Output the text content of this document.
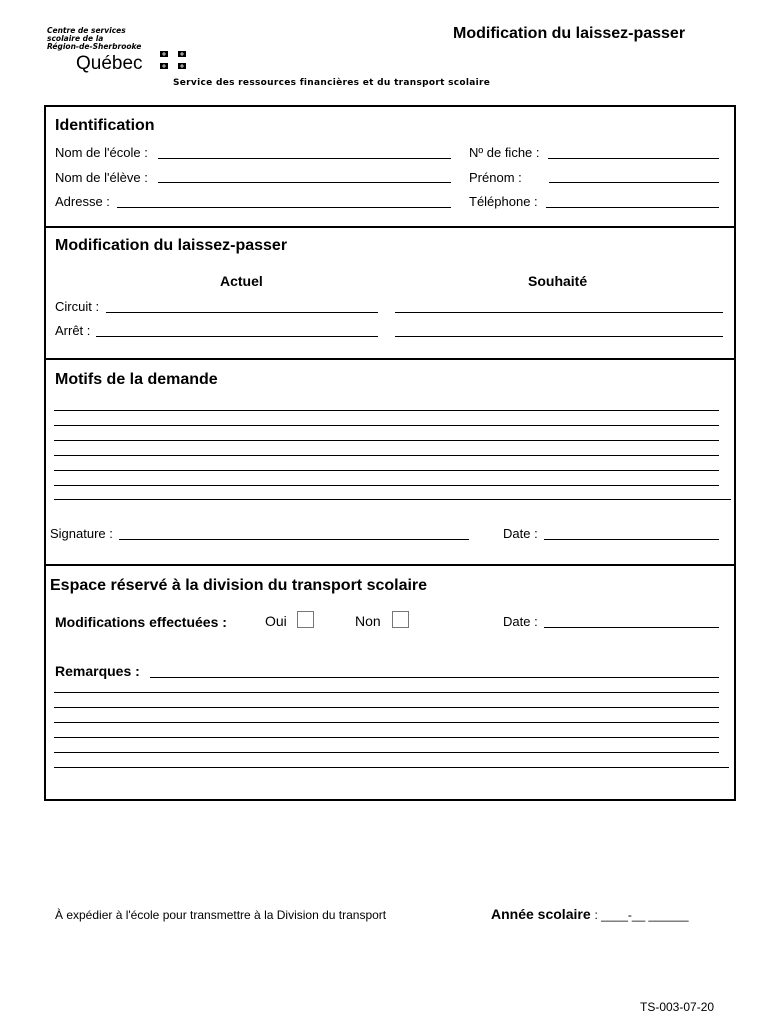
Centre de services
scolaire de la
Région-de-Sherbrooke
Québec
Modification du laissez-passer
Service des ressources financières et du transport scolaire
Identification
Nom de l'école :	Nº de fiche :
Nom de l'élève :	Prénom :
Adresse :	Téléphone :
Modification du laissez-passer
Actuel	Souhaité
Circuit :
Arrêt :
Motifs de la demande
Signature :	Date :
Espace réservé à la division du transport scolaire
Modifications effectuées :	Oui	Non	Date :
Remarques :
À expédier à l'école pour transmettre à la Division du transport	Année scolaire : ____-__ ______
TS-003-07-20
